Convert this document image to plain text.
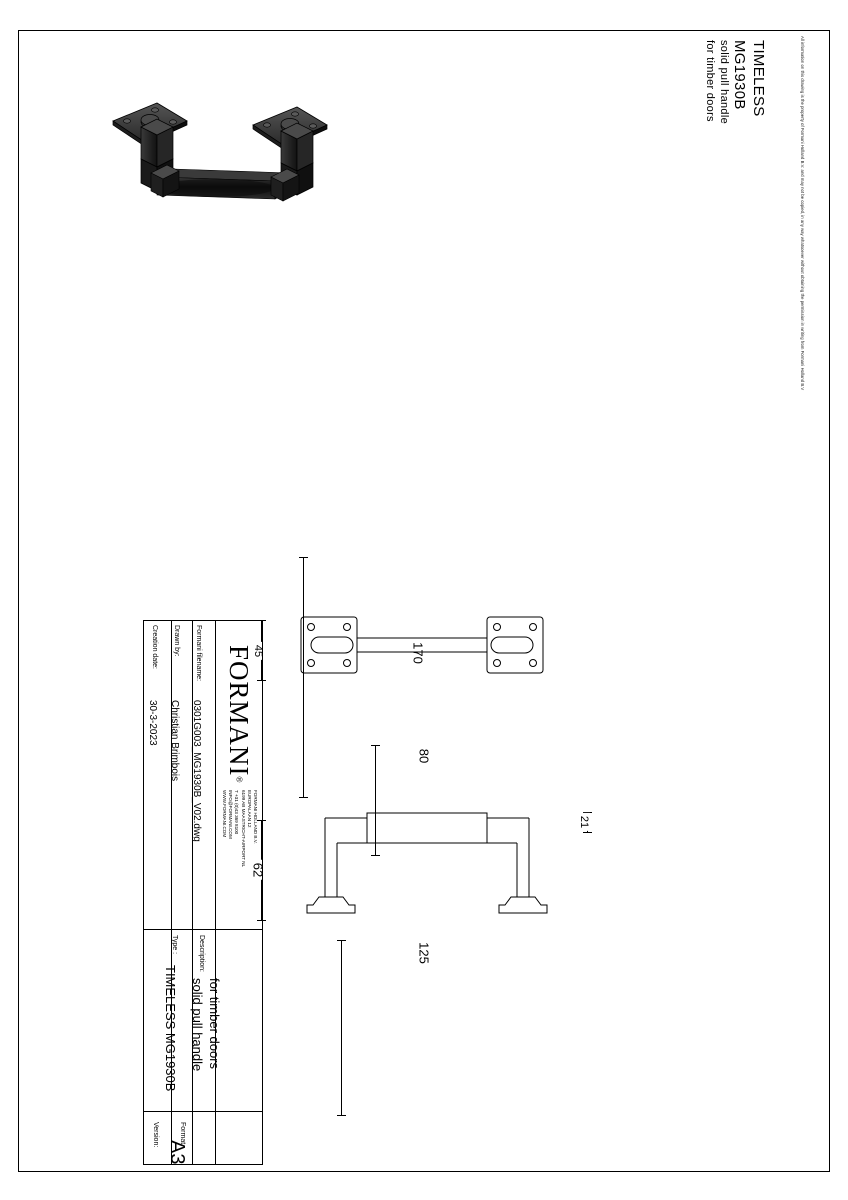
All information on this drawing is the property of Formani Holland B.V. and may not be copied, in any way whatsoever without obtaining the permission in writing from Formani Holland B.V
TIMELESS
MG1930B
solid pull handle
for timber doors
170
45
80
62
21
125
Creation date:
30-3-2023
Drawn by:
Christian Brimbois
Formani filename:
0301G003_MG1930B_V02.dwg FORMANI®
FORMANI HOLLAND B.V.
EUROPALAAN 12
6199 AB MAASTRICHT-AIRPORT NL
T +31 (0)43 369 8100
INFO@FORMANI.COM
WWW.FORMANI.COM
Type :
TIMELESS MG1930B
Description:
solid pull handle for timber doors
Version:	Format
A3
